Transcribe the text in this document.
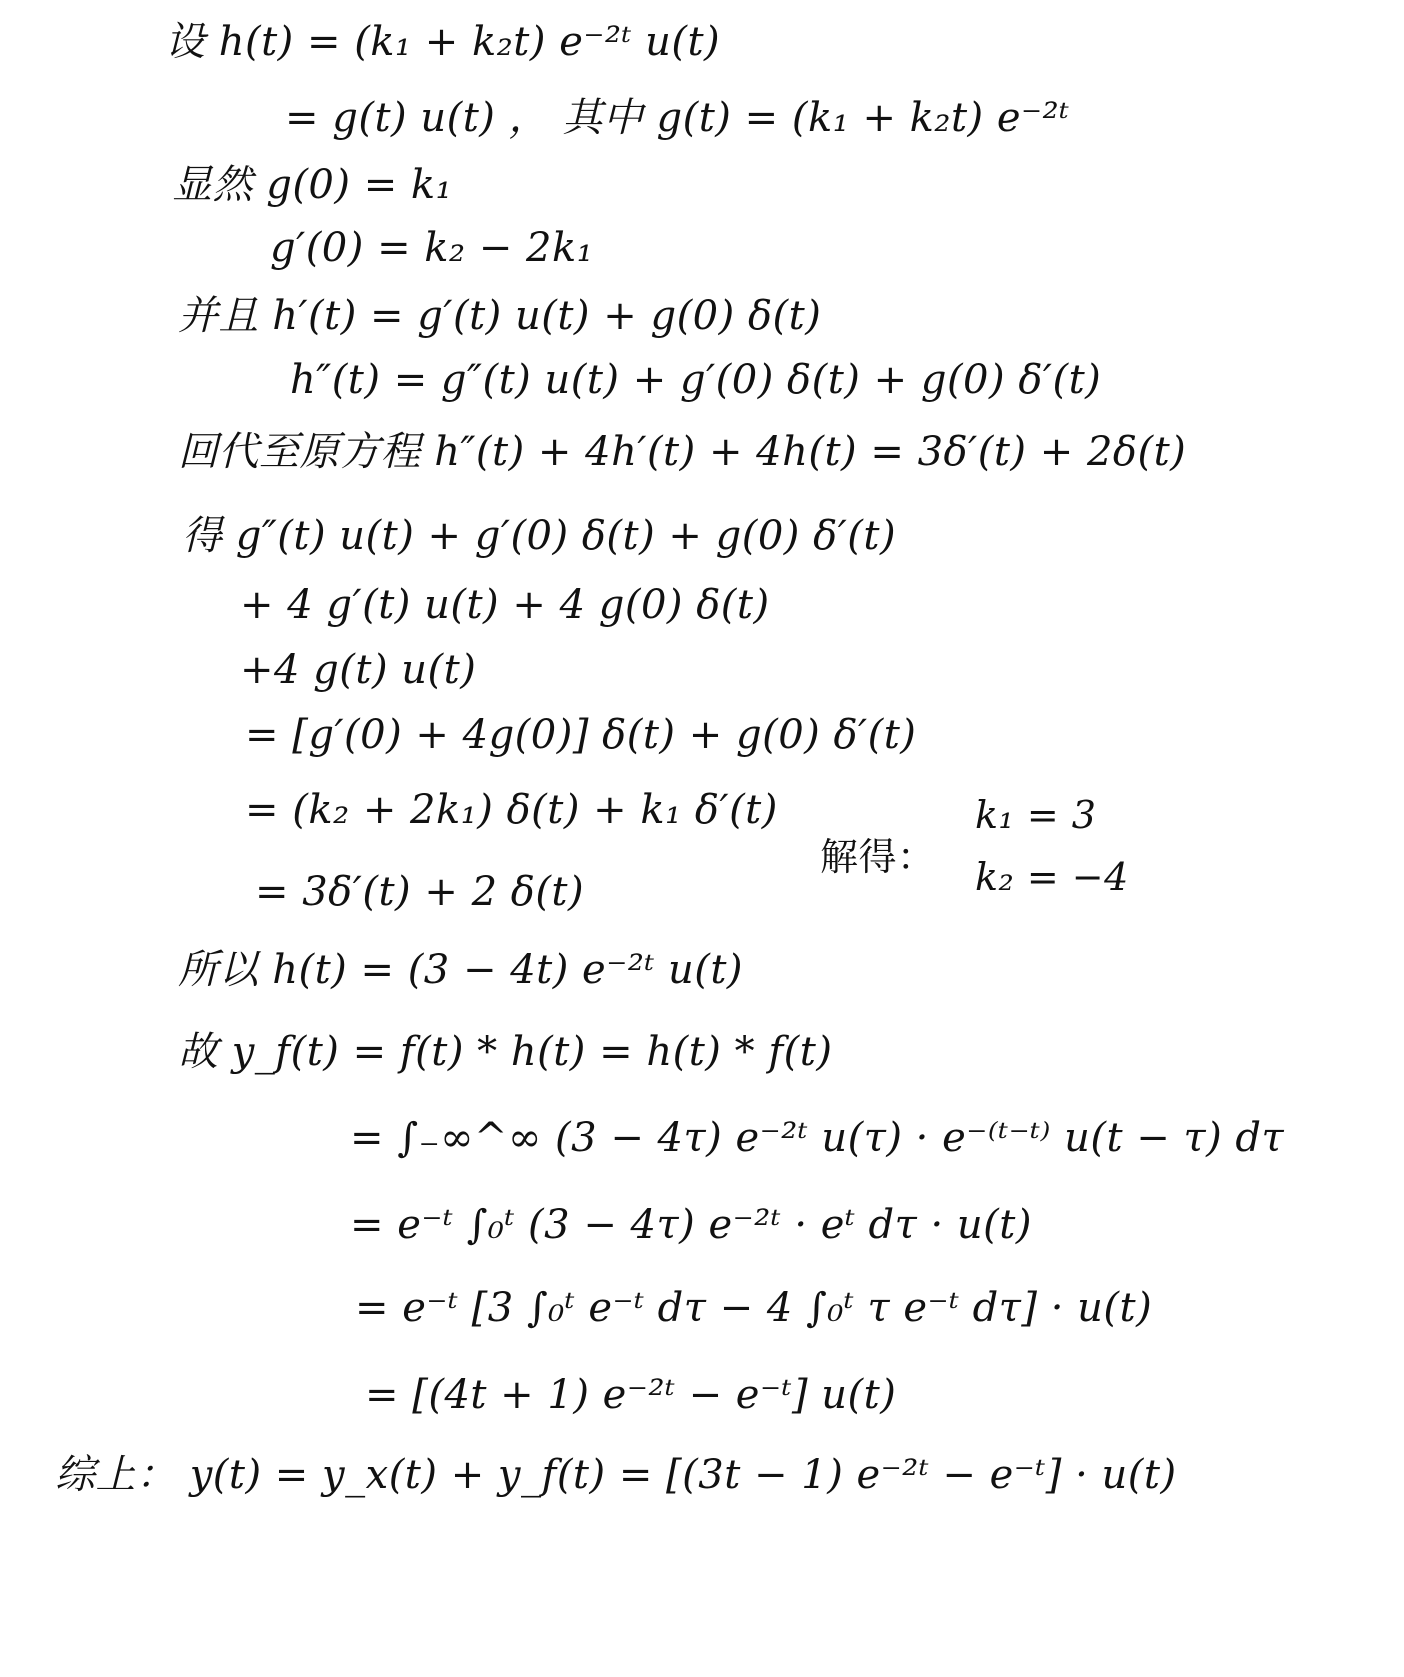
设 h(t) = (k₁ + k₂t) e⁻²ᵗ u(t)
= g(t) u(t) ， 其中 g(t) = (k₁ + k₂t) e⁻²ᵗ
显然 g(0) = k₁
g′(0) = k₂ − 2k₁
并且 h′(t) = g′(t) u(t) + g(0) δ(t)
h″(t) = g″(t) u(t) + g′(0) δ(t) + g(0) δ′(t)
回代至原方程 h″(t) + 4h′(t) + 4h(t) = 3δ′(t) + 2δ(t)
得 g″(t) u(t) + g′(0) δ(t) + g(0) δ′(t)
+ 4 g′(t) u(t) + 4 g(0) δ(t)
+4 g(t) u(t)
= [g′(0) + 4g(0)] δ(t) + g(0) δ′(t)
= (k₂ + 2k₁) δ(t) + k₁ δ′(t)	k₁ = 3
解得： k₂ = −4
= 3δ′(t) + 2 δ(t)
所以 h(t) = (3 − 4t) e⁻²ᵗ u(t)
故 y_f(t) = f(t) * h(t) = h(t) * f(t)
= ∫₋∞^∞ (3 − 4τ) e⁻²ᵗ u(τ) · e⁻⁽ᵗ⁻ᵗ⁾ u(t − τ) dτ
= e⁻ᵗ ∫₀ᵗ (3 − 4τ) e⁻²ᵗ · eᵗ dτ · u(t)
= e⁻ᵗ [3 ∫₀ᵗ e⁻ᵗ dτ − 4 ∫₀ᵗ τ e⁻ᵗ dτ] · u(t)
= [(4t + 1) e⁻²ᵗ − e⁻ᵗ] u(t)
综上： y(t) = y_x(t) + y_f(t) = [(3t − 1) e⁻²ᵗ − e⁻ᵗ] · u(t)
